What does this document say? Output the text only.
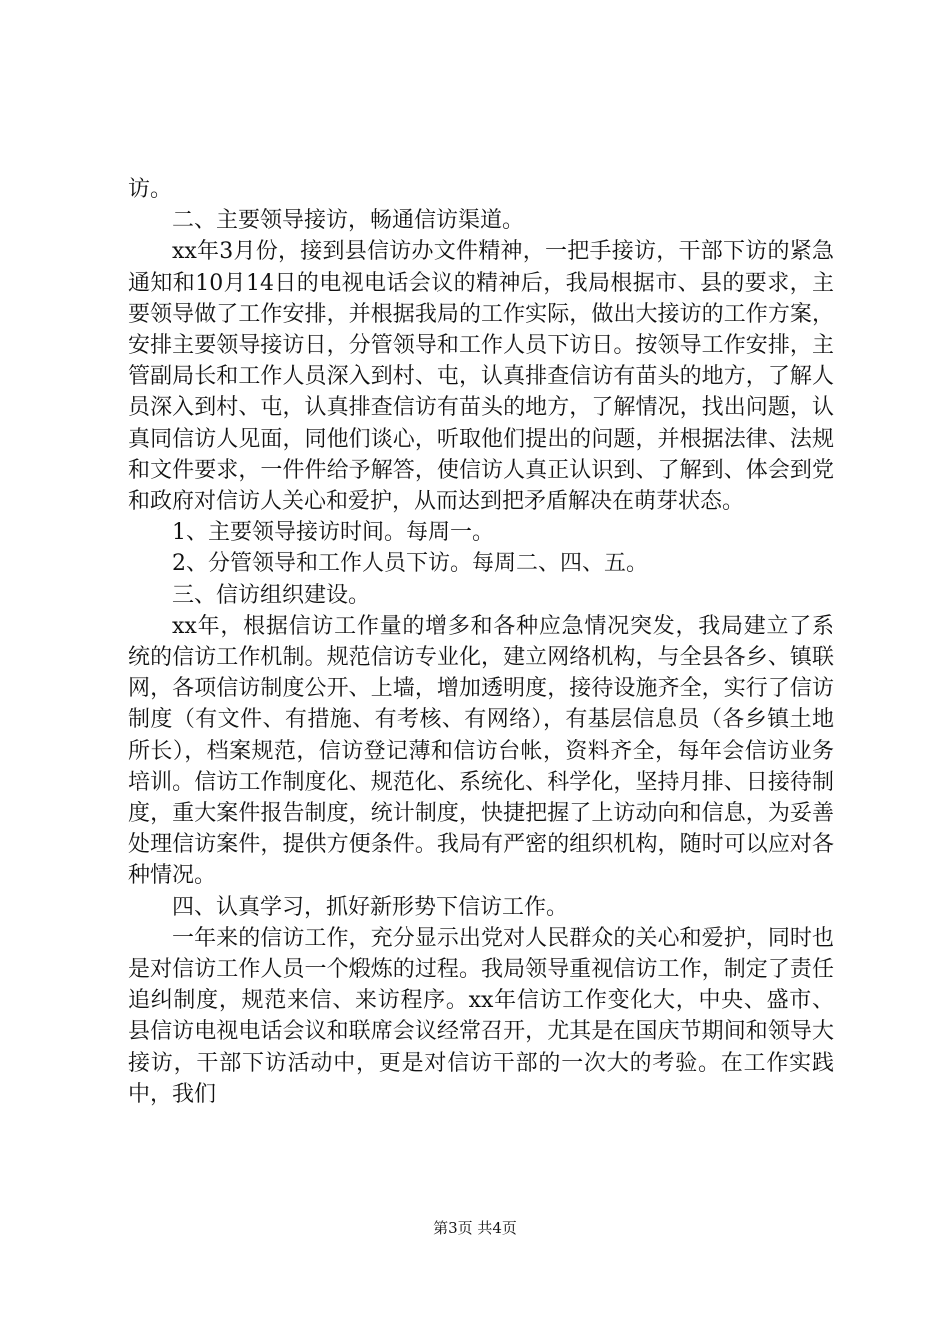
访。

二、主要领导接访，畅通信访渠道。

xx年3月份，接到县信访办文件精神，一把手接访，干部下访的紧急通知和10月14日的电视电话会议的精神后，我局根据市、县的要求，主要领导做了工作安排，并根据我局的工作实际，做出大接访的工作方案，安排主要领导接访日，分管领导和工作人员下访日。按领导工作安排，主管副局长和工作人员深入到村、屯，认真排查信访有苗头的地方，了解人员深入到村、屯，认真排查信访有苗头的地方，了解情况，找出问题，认真同信访人见面，同他们谈心，听取他们提出的问题，并根据法律、法规和文件要求，一件件给予解答，使信访人真正认识到、了解到、体会到党和政府对信访人关心和爱护，从而达到把矛盾解决在萌芽状态。

1、主要领导接访时间。每周一。

2、分管领导和工作人员下访。每周二、四、五。

三、信访组织建设。

xx年，根据信访工作量的增多和各种应急情况突发，我局建立了系统的信访工作机制。规范信访专业化，建立网络机构，与全县各乡、镇联网，各项信访制度公开、上墙，增加透明度，接待设施齐全，实行了信访制度（有文件、有措施、有考核、有网络），有基层信息员（各乡镇土地所长），档案规范，信访登记薄和信访台帐，资料齐全，每年会信访业务培训。信访工作制度化、规范化、系统化、科学化，坚持月排、日接待制度，重大案件报告制度，统计制度，快捷把握了上访动向和信息，为妥善处理信访案件，提供方便条件。我局有严密的组织机构，随时可以应对各种情况。

四、认真学习，抓好新形势下信访工作。

一年来的信访工作，充分显示出党对人民群众的关心和爱护，同时也是对信访工作人员一个煅炼的过程。我局领导重视信访工作，制定了责任追纠制度，规范来信、来访程序。xx年信访工作变化大，中央、盛市、县信访电视电话会议和联席会议经常召开，尤其是在国庆节期间和领导大接访，干部下访活动中，更是对信访干部的一次大的考验。在工作实践中，我们

第3页 共4页
